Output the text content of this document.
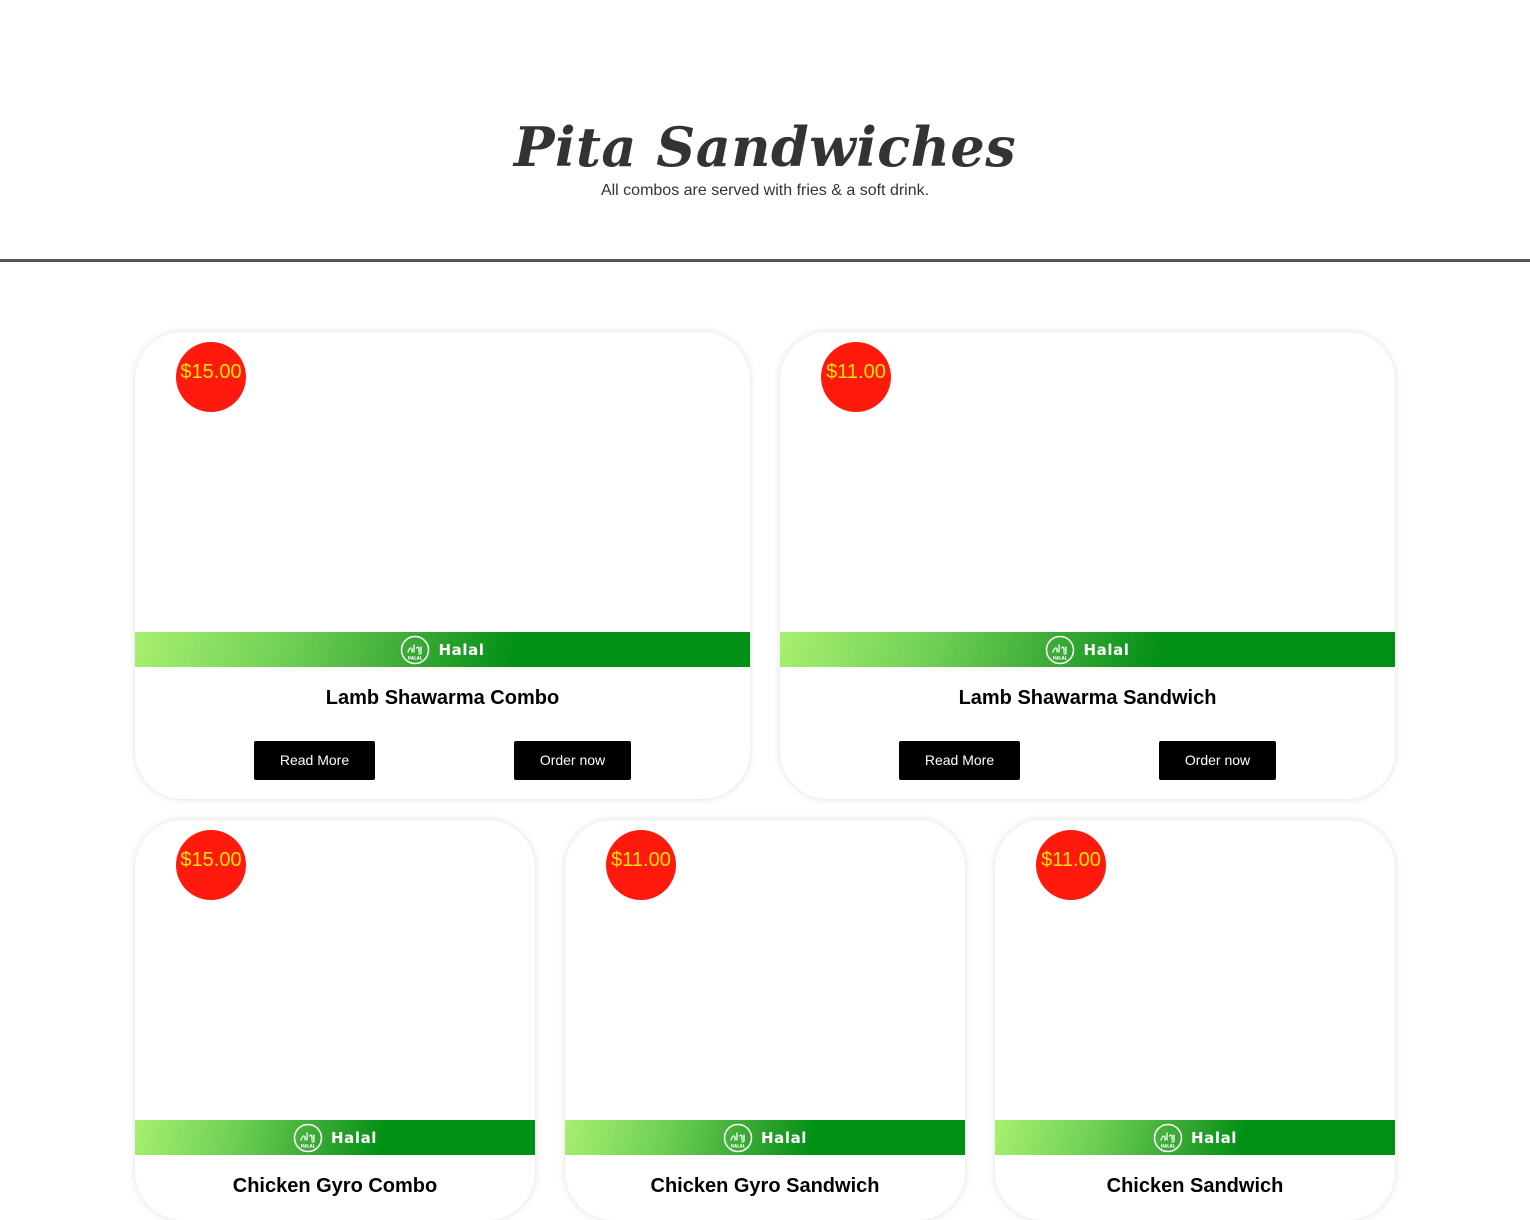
Pita Sandwiches

All combos are served with fries & a soft drink.

$15.00
HALAL Halal
Lamb Shawarma Combo
Read More	Order now
$11.00
HALAL Halal
Lamb Shawarma Sandwich
Read More	Order now
$15.00
HALAL Halal
Chicken Gyro Combo
$11.00
HALAL Halal
Chicken Gyro Sandwich
$11.00
HALAL Halal
Chicken Sandwich
